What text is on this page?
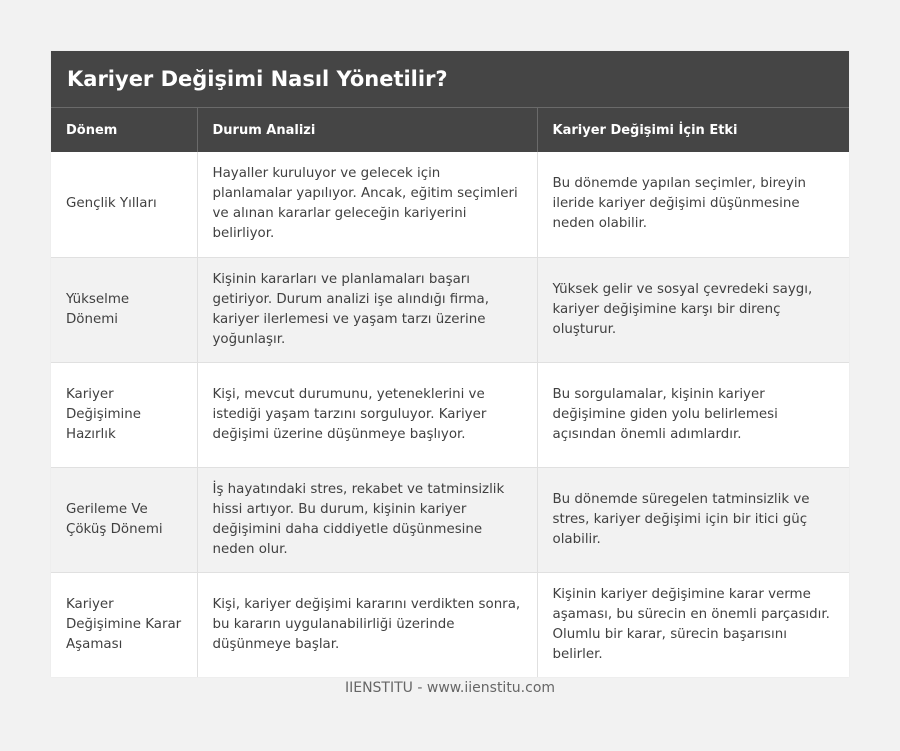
Kariyer Değişimi Nasıl Yönetilir?
Dönem	Durum Analizi	Kariyer Değişimi İçin Etki
Gençlik Yılları	Hayaller kuruluyor ve gelecek için planlamalar yapılıyor. Ancak, eğitim seçimleri ve alınan kararlar geleceğin kariyerini belirliyor.	Bu dönemde yapılan seçimler, bireyin ileride kariyer değişimi düşünmesine neden olabilir.
Yükselme Dönemi	Kişinin kararları ve planlamaları başarı getiriyor. Durum analizi işe alındığı firma, kariyer ilerlemesi ve yaşam tarzı üzerine yoğunlaşır.	Yüksek gelir ve sosyal çevredeki saygı, kariyer değişimine karşı bir direnç oluşturur.
Kariyer Değişimine Hazırlık	Kişi, mevcut durumunu, yeteneklerini ve istediği yaşam tarzını sorguluyor. Kariyer değişimi üzerine düşünmeye başlıyor.	Bu sorgulamalar, kişinin kariyer değişimine giden yolu belirlemesi açısından önemli adımlardır.
Gerileme Ve Çöküş Dönemi	İş hayatındaki stres, rekabet ve tatminsizlik hissi artıyor. Bu durum, kişinin kariyer değişimini daha ciddiyetle düşünmesine neden olur.	Bu dönemde süregelen tatminsizlik ve stres, kariyer değişimi için bir itici güç olabilir.
Kariyer Değişimine Karar Aşaması	Kişi, kariyer değişimi kararını verdikten sonra, bu kararın uygulanabilirliği üzerinde düşünmeye başlar.	Kişinin kariyer değişimine karar verme aşaması, bu sürecin en önemli parçasıdır. Olumlu bir karar, sürecin başarısını belirler.
IIENSTITU - www.iienstitu.com
